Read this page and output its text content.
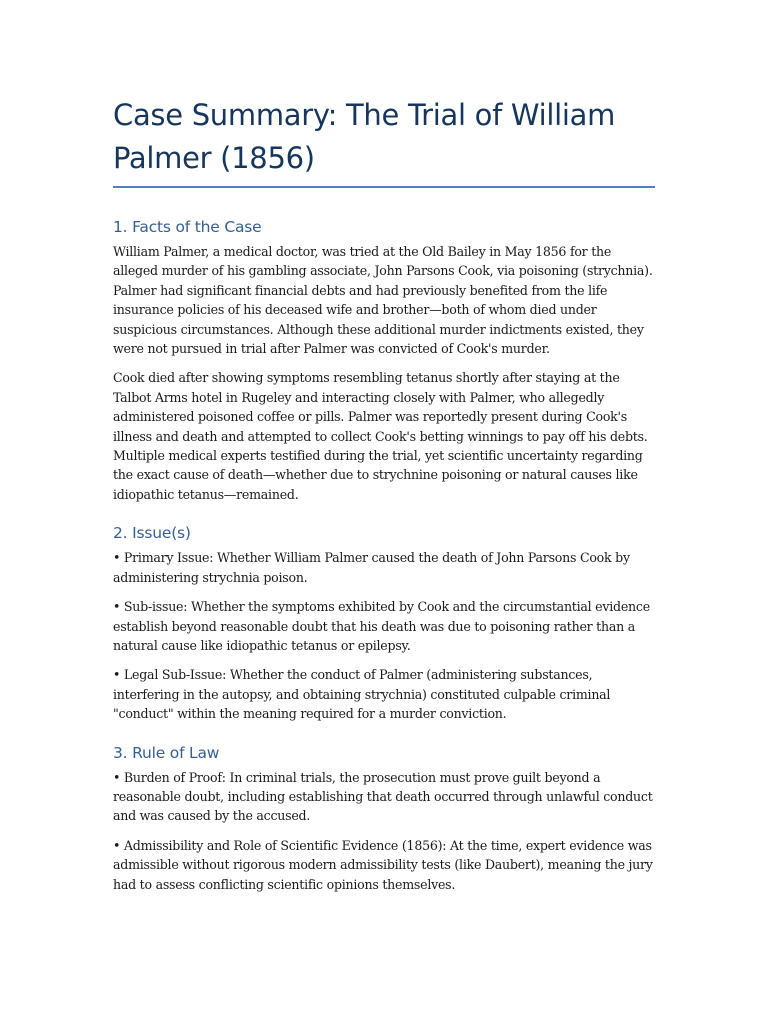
Case Summary: The Trial of William Palmer (1856)
1. Facts of the Case

William Palmer, a medical doctor, was tried at the Old Bailey in May 1856 for the alleged murder of his gambling associate, John Parsons Cook, via poisoning (strychnia). Palmer had significant financial debts and had previously benefited from the life insurance policies of his deceased wife and brother—both of whom died under suspicious circumstances. Although these additional murder indictments existed, they were not pursued in trial after Palmer was convicted of Cook's murder.

Cook died after showing symptoms resembling tetanus shortly after staying at the Talbot Arms hotel in Rugeley and interacting closely with Palmer, who allegedly administered poisoned coffee or pills. Palmer was reportedly present during Cook's illness and death and attempted to collect Cook's betting winnings to pay off his debts. Multiple medical experts testified during the trial, yet scientific uncertainty regarding the exact cause of death—whether due to strychnine poisoning or natural causes like idiopathic tetanus—remained.

2. Issue(s)

• Primary Issue: Whether William Palmer caused the death of John Parsons Cook by administering strychnia poison.

• Sub-issue: Whether the symptoms exhibited by Cook and the circumstantial evidence establish beyond reasonable doubt that his death was due to poisoning rather than a natural cause like idiopathic tetanus or epilepsy.

• Legal Sub-Issue: Whether the conduct of Palmer (administering substances, interfering in the autopsy, and obtaining strychnia) constituted culpable criminal "conduct" within the meaning required for a murder conviction.

3. Rule of Law

• Burden of Proof: In criminal trials, the prosecution must prove guilt beyond a reasonable doubt, including establishing that death occurred through unlawful conduct and was caused by the accused.

• Admissibility and Role of Scientific Evidence (1856): At the time, expert evidence was admissible without rigorous modern admissibility tests (like Daubert), meaning the jury had to assess conflicting scientific opinions themselves.
